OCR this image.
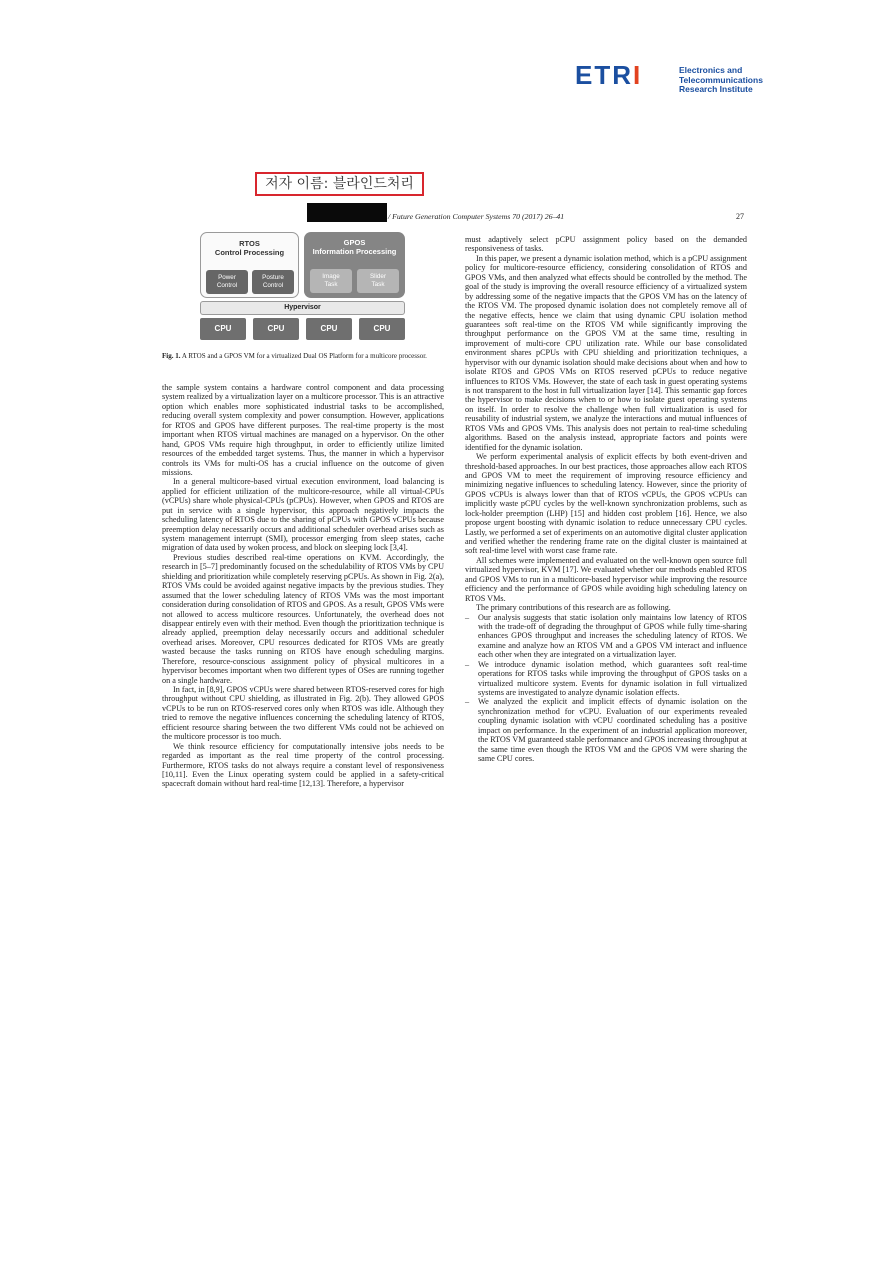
ETRI	Electronics and Telecommunications
Research Institute
저자 이름: 블라인드처리
/ Future Generation Computer Systems 70 (2017) 26–41	27
RTOS
Control Processing
Power
Control
Posture
Control
GPOS
Information Processing
Image
Task
Slider
Task
Hypervisor
CPU	CPU	CPU	CPU
Fig. 1. A RTOS and a GPOS VM for a virtualized Dual OS Platform for a multicore processor.

the sample system contains a hardware control component and data processing system realized by a virtualization layer on a multicore processor. This is an attractive option which enables more sophisticated industrial tasks to be accomplished, reducing overall system complexity and power consumption. However, applications for RTOS and GPOS have different purposes. The real-time property is the most important when RTOS virtual machines are managed on a hypervisor. On the other hand, GPOS VMs require high throughput, in order to efficiently utilize limited resources of the embedded target systems. Thus, the manner in which a hypervisor controls its VMs for multi-OS has a crucial influence on the outcome of given missions.

In a general multicore-based virtual execution environment, load balancing is applied for efficient utilization of the multicore-resource, while all virtual-CPUs (vCPUs) share whole physical-CPUs (pCPUs). However, when GPOS and RTOS are put in service with a single hypervisor, this approach negatively impacts the scheduling latency of RTOS due to the sharing of pCPUs with GPOS vCPUs because preemption delay necessarily occurs and additional scheduler overhead arises such as system management interrupt (SMI), processor emerging from sleep states, cache migration of data used by woken process, and block on sleeping lock [3,4].

Previous studies described real-time operations on KVM. Accordingly, the research in [5–7] predominantly focused on the schedulability of RTOS VMs by CPU shielding and prioritization while completely reserving pCPUs. As shown in Fig. 2(a), RTOS VMs could be avoided against negative impacts by the previous studies. They assumed that the lower scheduling latency of RTOS VMs was the most important consideration during consolidation of RTOS and GPOS. As a result, GPOS VMs were not allowed to access multicore resources. Unfortunately, the overhead does not disappear entirely even with their method. Even though the prioritization technique is already applied, preemption delay necessarily occurs and additional scheduler overhead arises. Moreover, CPU resources dedicated for RTOS VMs are greatly wasted because the tasks running on RTOS have enough scheduling margins. Therefore, resource-conscious assignment policy of physical multicores in a hypervisor becomes important when two different types of OSes are running together on a single hardware.

In fact, in [8,9], GPOS vCPUs were shared between RTOS-reserved cores for high throughput without CPU shielding, as illustrated in Fig. 2(b). They allowed GPOS vCPUs to be run on RTOS-reserved cores only when RTOS was idle. Although they tried to remove the negative influences concerning the scheduling latency of RTOS, efficient resource sharing between the two different VMs could not be achieved on the multicore processor is too much.

We think resource efficiency for computationally intensive jobs needs to be regarded as important as the real time property of the control processing. Furthermore, RTOS tasks do not always require a constant level of responsiveness [10,11]. Even the Linux operating system could be applied in a safety-critical spacecraft domain without hard real-time [12,13]. Therefore, a hypervisor

must adaptively select pCPU assignment policy based on the demanded responsiveness of tasks.

In this paper, we present a dynamic isolation method, which is a pCPU assignment policy for multicore-resource efficiency, considering consolidation of RTOS and GPOS VMs, and then analyzed what effects should be controlled by the method. The goal of the study is improving the overall resource efficiency of a virtualized system by addressing some of the negative impacts that the GPOS VM has on the latency of the RTOS VM. The proposed dynamic isolation does not completely remove all of the negative effects, hence we claim that using dynamic CPU isolation method guarantees soft real-time on the RTOS VM while significantly improving the throughput performance on the GPOS VM at the same time, resulting in improvement of multi-core CPU utilization rate. While our base consolidated environment shares pCPUs with CPU shielding and prioritization techniques, a hypervisor with our dynamic isolation should make decisions about when and how to isolate RTOS and GPOS VMs on RTOS reserved pCPUs to reduce negative influences to RTOS VMs. However, the state of each task in guest operating systems is not transparent to the host in full virtualization layer [14]. This semantic gap forces the hypervisor to make decisions when to or how to isolate guest operating systems on itself. In order to resolve the challenge when full virtualization is used for reusability of industrial system, we analyze the interactions and mutual influences of RTOS VMs and GPOS VMs. This analysis does not pertain to real-time scheduling algorithms. Based on the analysis instead, appropriate factors and points were identified for the dynamic isolation.

We perform experimental analysis of explicit effects by both event-driven and threshold-based approaches. In our best practices, those approaches allow each RTOS and GPOS VM to meet the requirement of improving resource efficiency and minimizing negative influences to scheduling latency. However, since the priority of GPOS vCPUs is always lower than that of RTOS vCPUs, the GPOS vCPUs can implicitly waste pCPU cycles by the well-known synchronization problems, such as lock-holder preemption (LHP) [15] and hidden cost problem [16]. Hence, we also propose urgent boosting with dynamic isolation to reduce unnecessary CPU cycles. Lastly, we performed a set of experiments on an automotive digital cluster application and verified whether the rendering frame rate on the digital cluster is maintained at soft real-time level with worst case frame rate.

All schemes were implemented and evaluated on the well-known open source full virtualized hypervisor, KVM [17]. We evaluated whether our methods enabled RTOS and GPOS VMs to run in a multicore-based hypervisor while improving the resource efficiency and the performance of GPOS while avoiding high scheduling latency on RTOS VMs.

The primary contributions of this research are as following.

– Our analysis suggests that static isolation only maintains low latency of RTOS with the trade-off of degrading the throughput of GPOS while fully time-sharing enhances GPOS throughput and increases the scheduling latency of RTOS. We examine and analyze how an RTOS VM and a GPOS VM interact and influence each other when they are integrated on a virtualization layer.
– We introduce dynamic isolation method, which guarantees soft real-time operations for RTOS tasks while improving the throughput of GPOS tasks on a virtualized multicore system. Events for dynamic isolation in full virtualized systems are investigated to analyze dynamic isolation effects.
– We analyzed the explicit and implicit effects of dynamic isolation on the synchronization method for vCPU. Evaluation of our experiments revealed coupling dynamic isolation with vCPU coordinated scheduling has a positive impact on performance. In the experiment of an industrial application moreover, the RTOS VM guaranteed stable performance and GPOS increasing throughput at the same time even though the RTOS VM and the GPOS VM were sharing the same CPU cores.
